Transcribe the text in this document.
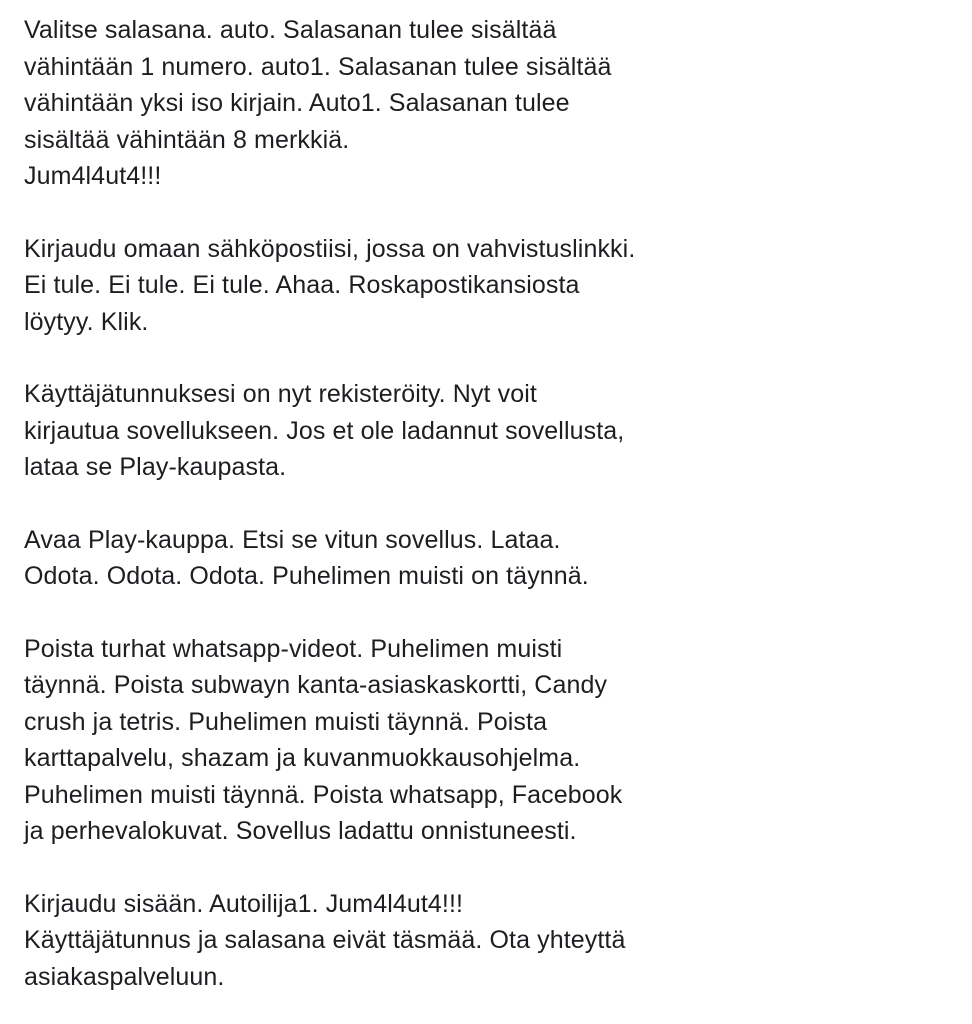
Valitse salasana. auto. Salasanan tulee sisältää
vähintään 1 numero. auto1. Salasanan tulee sisältää
vähintään yksi iso kirjain. Auto1. Salasanan tulee
sisältää vähintään 8 merkkiä.
Jum4l4ut4!!!

Kirjaudu omaan sähköpostiisi, jossa on vahvistuslinkki.
Ei tule. Ei tule. Ei tule. Ahaa. Roskapostikansiosta
löytyy. Klik.

Käyttäjätunnuksesi on nyt rekisteröity. Nyt voit
kirjautua sovellukseen. Jos et ole ladannut sovellusta,
lataa se Play-kaupasta.

Avaa Play-kauppa. Etsi se vitun sovellus. Lataa.
Odota. Odota. Odota. Puhelimen muisti on täynnä.

Poista turhat whatsapp-videot. Puhelimen muisti
täynnä. Poista subwayn kanta-asiaskaskortti, Candy
crush ja tetris. Puhelimen muisti täynnä. Poista
karttapalvelu, shazam ja kuvanmuokkausohjelma.
Puhelimen muisti täynnä. Poista whatsapp, Facebook
ja perhevalokuvat. Sovellus ladattu onnistuneesti.

Kirjaudu sisään. Autoilija1. Jum4l4ut4!!!
Käyttäjätunnus ja salasana eivät täsmää. Ota yhteyttä
asiakaspalveluun.
